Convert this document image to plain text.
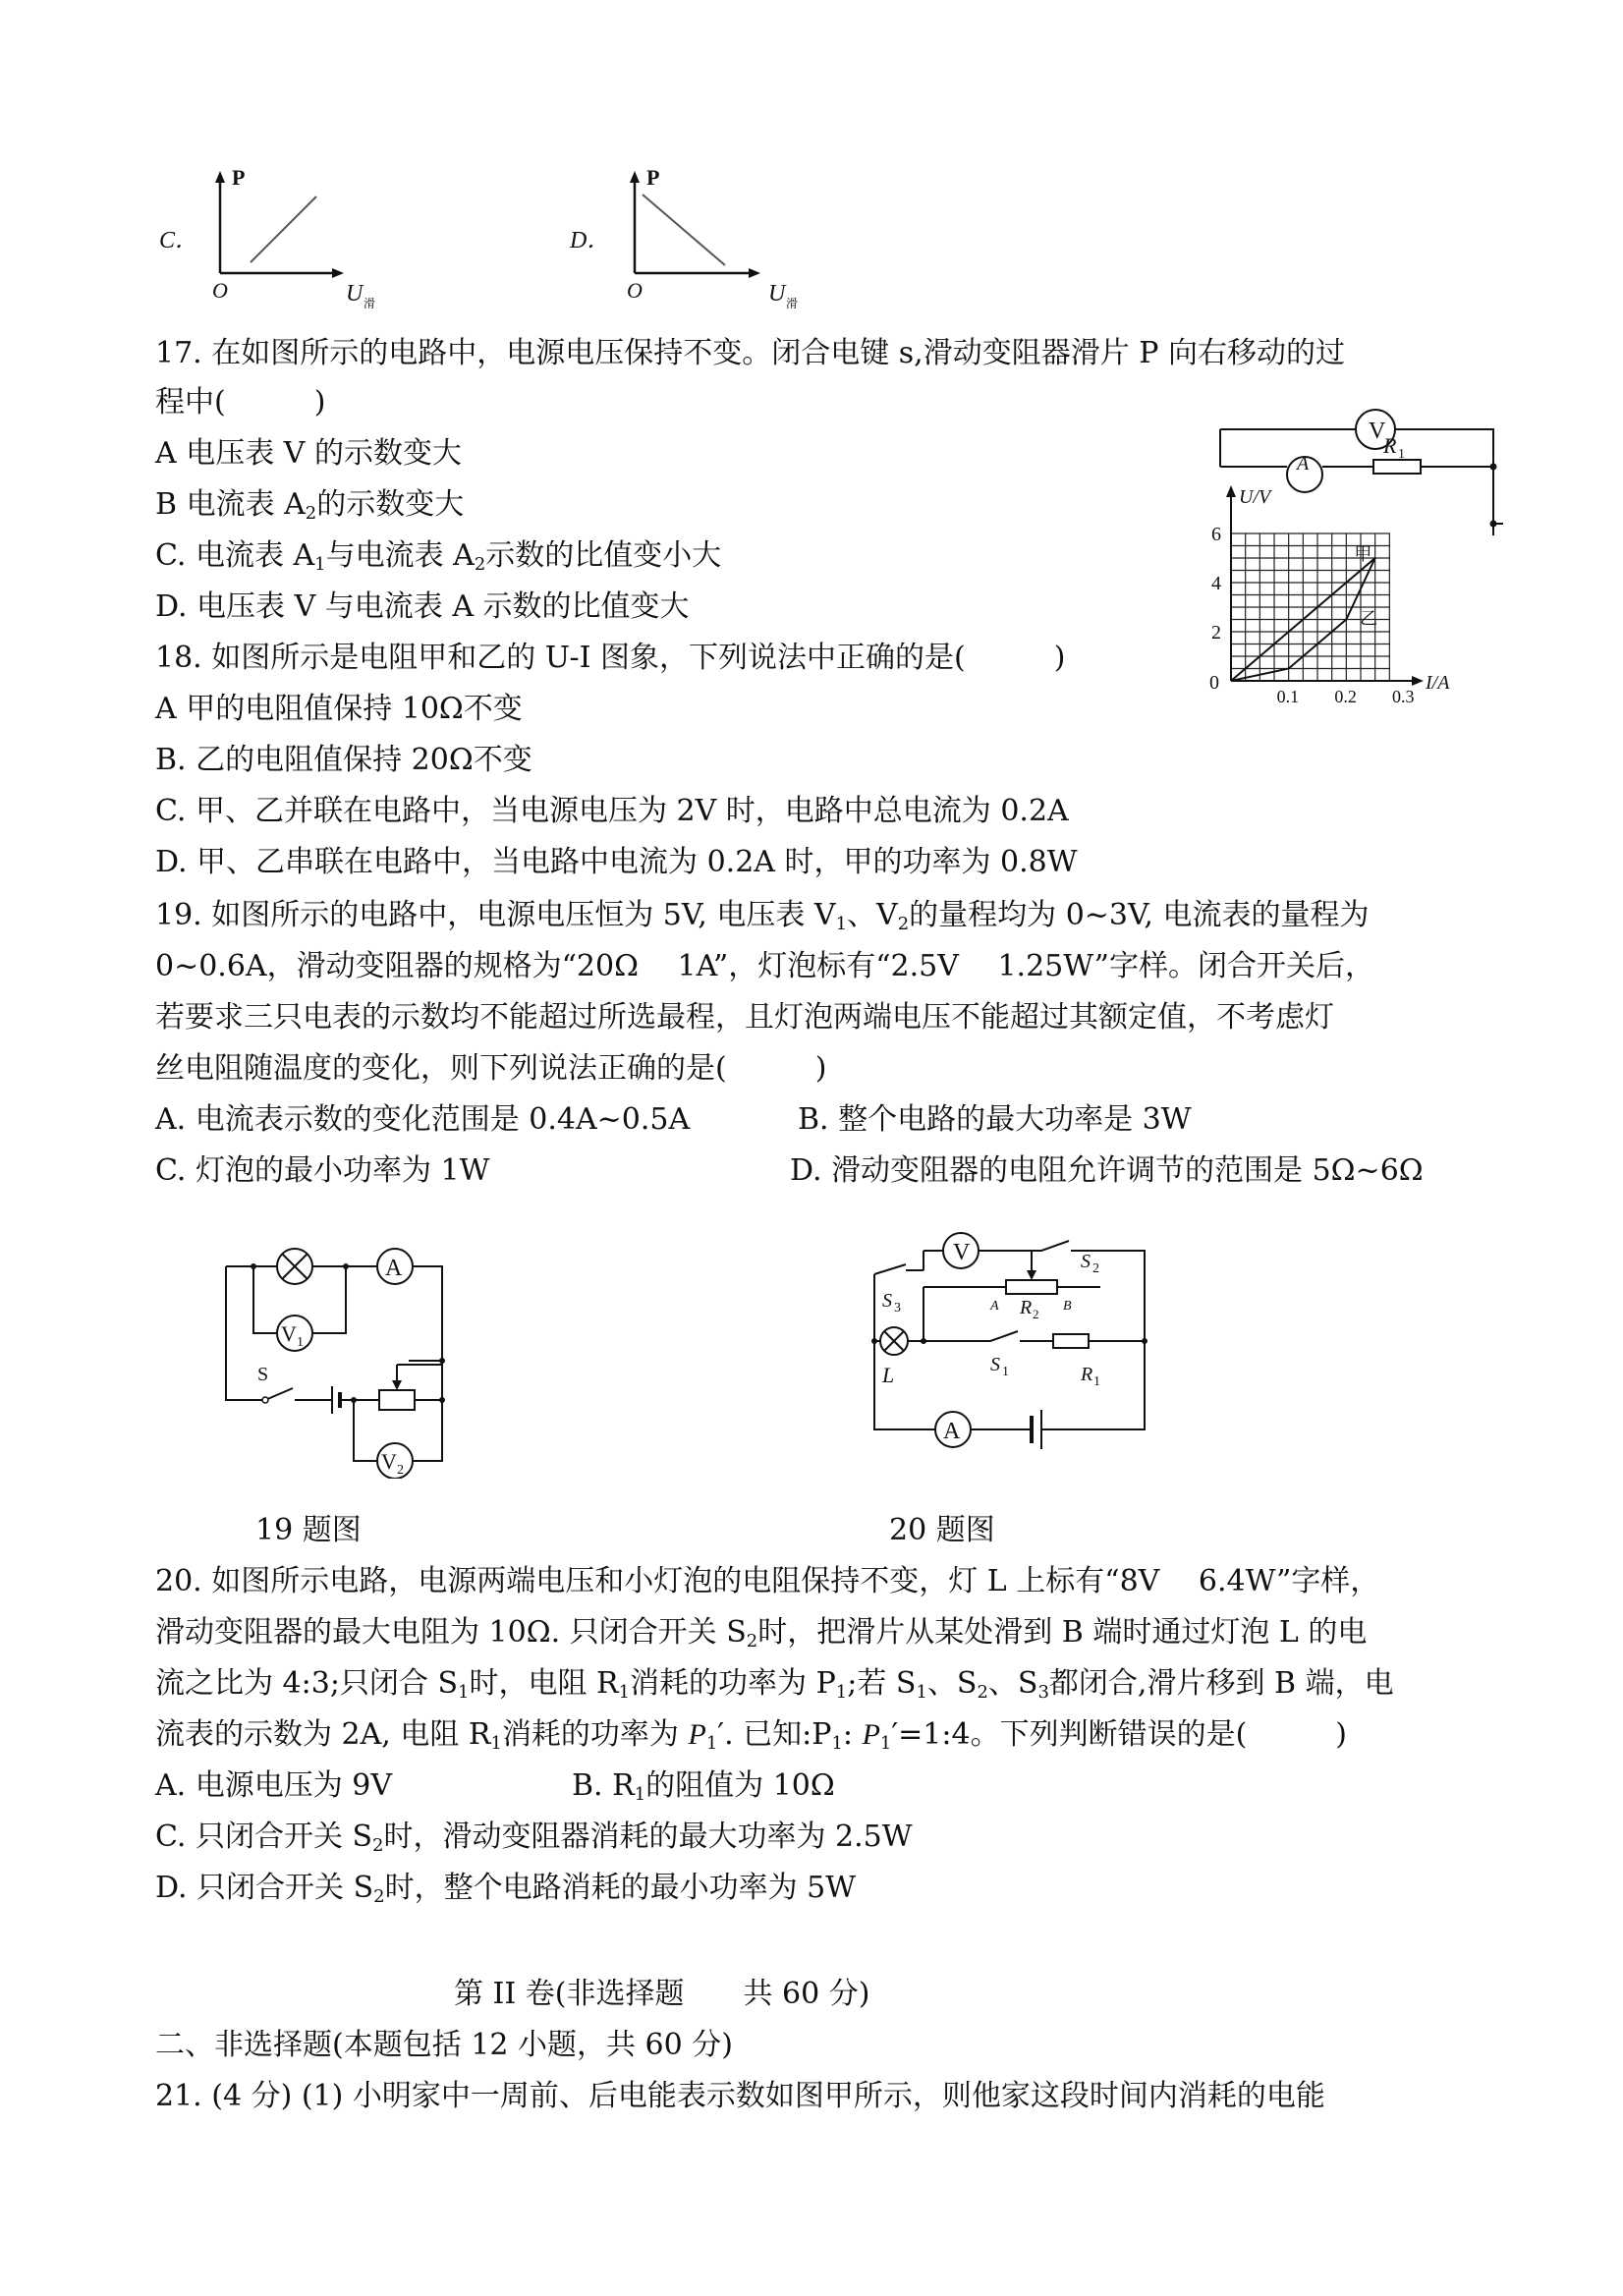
C．
P
O	U 滑
D．
P
O	U 滑
17. 在如图所示的电路中，电源电压保持不变。闭合电键 s,滑动变阻器滑片 P 向右移动的过
程中(　　　)
A 电压表 V 的示数变大
B 电流表 $A_2$的示数变大
C. 电流表 $A_1$与电流表 $A_2$示数的比值变小大
D. 电压表 V 与电流表 A 示数的比值变大
V
A
R 1
甲
乙
2
4
6
0.1 0.2 0.3
0
U/V
I/A
18. 如图所示是电阻甲和乙的 U-I 图象，下列说法中正确的是(　　　)
A 甲的电阻值保持 10Ω不变
B. 乙的电阻值保持 20Ω不变
C. 甲、乙并联在电路中，当电源电压为 2V 时，电路中总电流为 0.2A
D. 甲、乙串联在电路中，当电路中电流为 0.2A 时，甲的功率为 0.8W
19. 如图所示的电路中，电源电压恒为 5V, 电压表 $V_1$、$V_2$的量程均为 0~3V, 电流表的量程为
0~0.6A，滑动变阻器的规格为“20Ω　 1A”，灯泡标有“2.5V　 1.25W”字样。闭合开关后，
若要求三只电表的示数均不能超过所选最程，且灯泡两端电压不能超过其额定值，不考虑灯
丝电阻随温度的变化，则下列说法正确的是(　　　)
A. 电流表示数的变化范围是 0.4A~0.5A	B. 整个电路的最大功率是 3W
C. 灯泡的最小功率为 1W	D. 滑动变阻器的电阻允许调节的范围是 5Ω~6Ω
A
V 1
S
V 2
19 题图
A
V	S 2
S 3	A R 2
B
L	S 1	R 1
20 题图
20. 如图所示电路，电源两端电压和小灯泡的电阻保持不变，灯 L 上标有“8V　 6.4W”字样，
滑动变阻器的最大电阻为 10Ω. 只闭合开关 $S_2$时，把滑片从某处滑到 B 端时通过灯泡 L 的电
流之比为 4:3;只闭合 $S_1$时，电阻 $R_1$消耗的功率为 $P_1$;若 $S_1$、$S_2$、$S_3$都闭合,滑片移到 B 端，电
流表的示数为 2A, 电阻 $R_1$消耗的功率为 $P_1'$. 已知$:P_1$: $P_1'=1:4$。下列判断错误的是(　　　)
A. 电源电压为 9V	B. $R_1$的阻值为 10Ω
C. 只闭合开关 $S_2$时，滑动变阻器消耗的最大功率为 2.5W
D. 只闭合开关 $S_2$时，整个电路消耗的最小功率为 5W
第 II 卷(非选择题　　共 60 分)
二、非选择题(本题包括 12 小题，共 60 分)
21. (4 分) (1) 小明家中一周前、后电能表示数如图甲所示，则他家这段时间内消耗的电能
